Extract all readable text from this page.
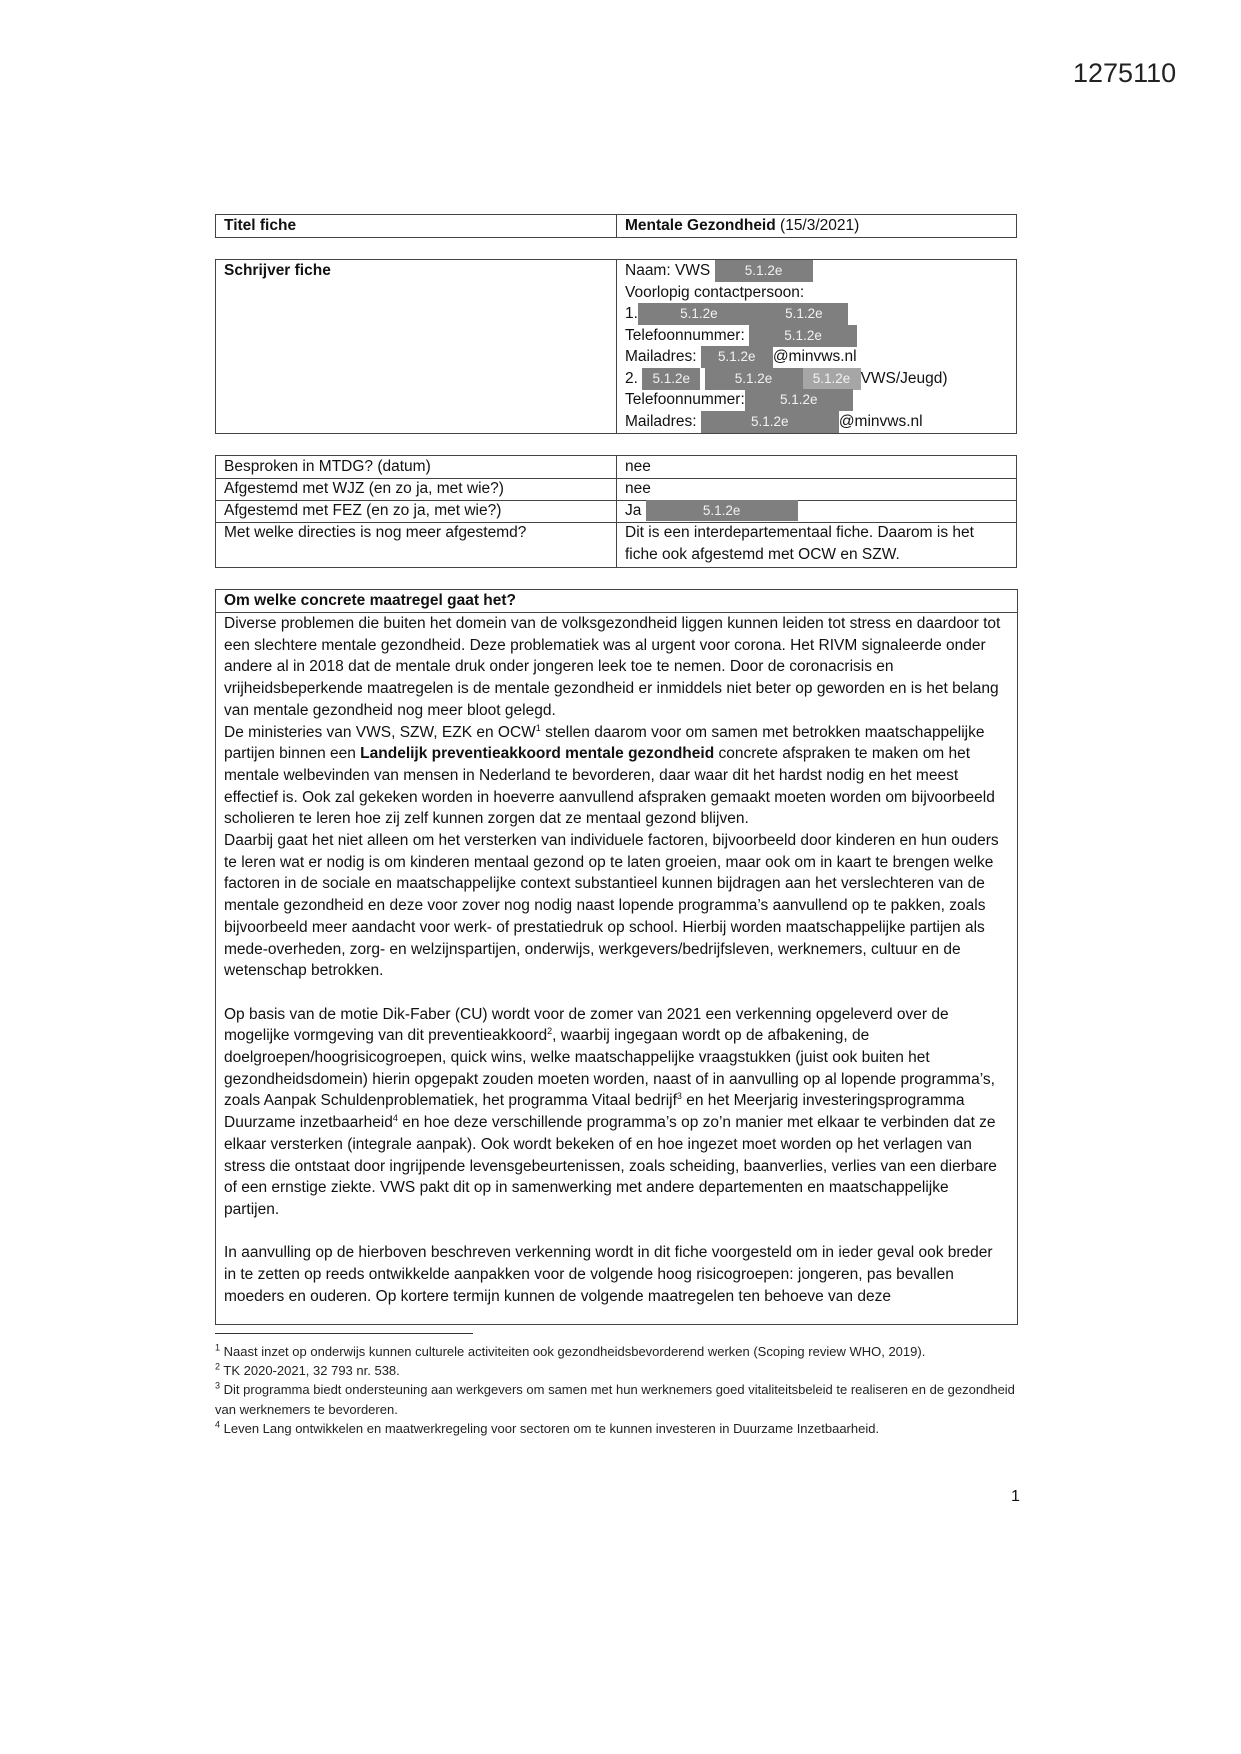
1275110
Titel fiche	Mentale Gezondheid (15/3/2021)
Schrijver fiche	Naam: VWS	5.1.2e
Voorlopig contactpersoon:
1.	5.1.2e	5.1.2e
Telefoonnummer:	5.1.2e
Mailadres: 5.1.2e @minvws.nl
2. 5.1.2e	5.1.2e	5.1.2e VWS/Jeugd)
Telefoonnummer:	5.1.2e
Mailadres:	5.1.2e	@minvws.nl
Besproken in MTDG? (datum)	nee
Afgestemd met WJZ (en zo ja, met wie?)	nee
Afgestemd met FEZ (en zo ja, met wie?)	Ja	5.1.2e
Met welke directies is nog meer afgestemd?	Dit is een interdepartementaal fiche. Daarom is het
fiche ook afgestemd met OCW en SZW.
Om welke concrete maatregel gaat het?

Diverse problemen die buiten het domein van de volksgezondheid liggen kunnen leiden tot stress en daardoor tot een slechtere mentale gezondheid. Deze problematiek was al urgent voor corona. Het RIVM signaleerde onder andere al in 2018 dat de mentale druk onder jongeren leek toe te nemen. Door de coronacrisis en vrijheidsbeperkende maatregelen is de mentale gezondheid er inmiddels niet beter op geworden en is het belang van mentale gezondheid nog meer bloot gelegd.

De ministeries van VWS, SZW, EZK en OCW$^1$ stellen daarom voor om samen met betrokken maatschappelijke partijen binnen een Landelijk preventieakkoord mentale gezondheid concrete afspraken te maken om het mentale welbevinden van mensen in Nederland te bevorderen, daar waar dit het hardst nodig en het meest effectief is. Ook zal gekeken worden in hoeverre aanvullend afspraken gemaakt moeten worden om bijvoorbeeld scholieren te leren hoe zij zelf kunnen zorgen dat ze mentaal gezond blijven.

Daarbij gaat het niet alleen om het versterken van individuele factoren, bijvoorbeeld door kinderen en hun ouders te leren wat er nodig is om kinderen mentaal gezond op te laten groeien, maar ook om in kaart te brengen welke factoren in de sociale en maatschappelijke context substantieel kunnen bijdragen aan het verslechteren van de mentale gezondheid en deze voor zover nog nodig naast lopende programma’s aanvullend op te pakken, zoals bijvoorbeeld meer aandacht voor werk- of prestatiedruk op school. Hierbij worden maatschappelijke partijen als mede-overheden, zorg- en welzijnspartijen, onderwijs, werkgevers/bedrijfsleven, werknemers, cultuur en de wetenschap betrokken.

Op basis van de motie Dik-Faber (CU) wordt voor de zomer van 2021 een verkenning opgeleverd over de mogelijke vormgeving van dit preventieakkoord$^2$, waarbij ingegaan wordt op de afbakening, de doelgroepen/hoogrisicogroepen, quick wins, welke maatschappelijke vraagstukken (juist ook buiten het gezondheidsdomein) hierin opgepakt zouden moeten worden, naast of in aanvulling op al lopende programma’s, zoals Aanpak Schuldenproblematiek, het programma Vitaal bedrijf$^3$ en het Meerjarig investeringsprogramma Duurzame inzetbaarheid$^4$ en hoe deze verschillende programma’s op zo’n manier met elkaar te verbinden dat ze elkaar versterken (integrale aanpak). Ook wordt bekeken of en hoe ingezet moet worden op het verlagen van stress die ontstaat door ingrijpende levensgebeurtenissen, zoals scheiding, baanverlies, verlies van een dierbare of een ernstige ziekte. VWS pakt dit op in samenwerking met andere departementen en maatschappelijke partijen.

In aanvulling op de hierboven beschreven verkenning wordt in dit fiche voorgesteld om in ieder geval ook breder in te zetten op reeds ontwikkelde aanpakken voor de volgende hoog risicogroepen: jongeren, pas bevallen moeders en ouderen. Op kortere termijn kunnen de volgende maatregelen ten behoeve van deze

$^1$ Naast inzet op onderwijs kunnen culturele activiteiten ook gezondheidsbevorderend werken (Scoping review WHO, 2019).

$^2$ TK 2020-2021, 32 793 nr. 538.

$^3$ Dit programma biedt ondersteuning aan werkgevers om samen met hun werknemers goed vitaliteitsbeleid te realiseren en de gezondheid van werknemers te bevorderen.

$^4$ Leven Lang ontwikkelen en maatwerkregeling voor sectoren om te kunnen investeren in Duurzame Inzetbaarheid.

1
